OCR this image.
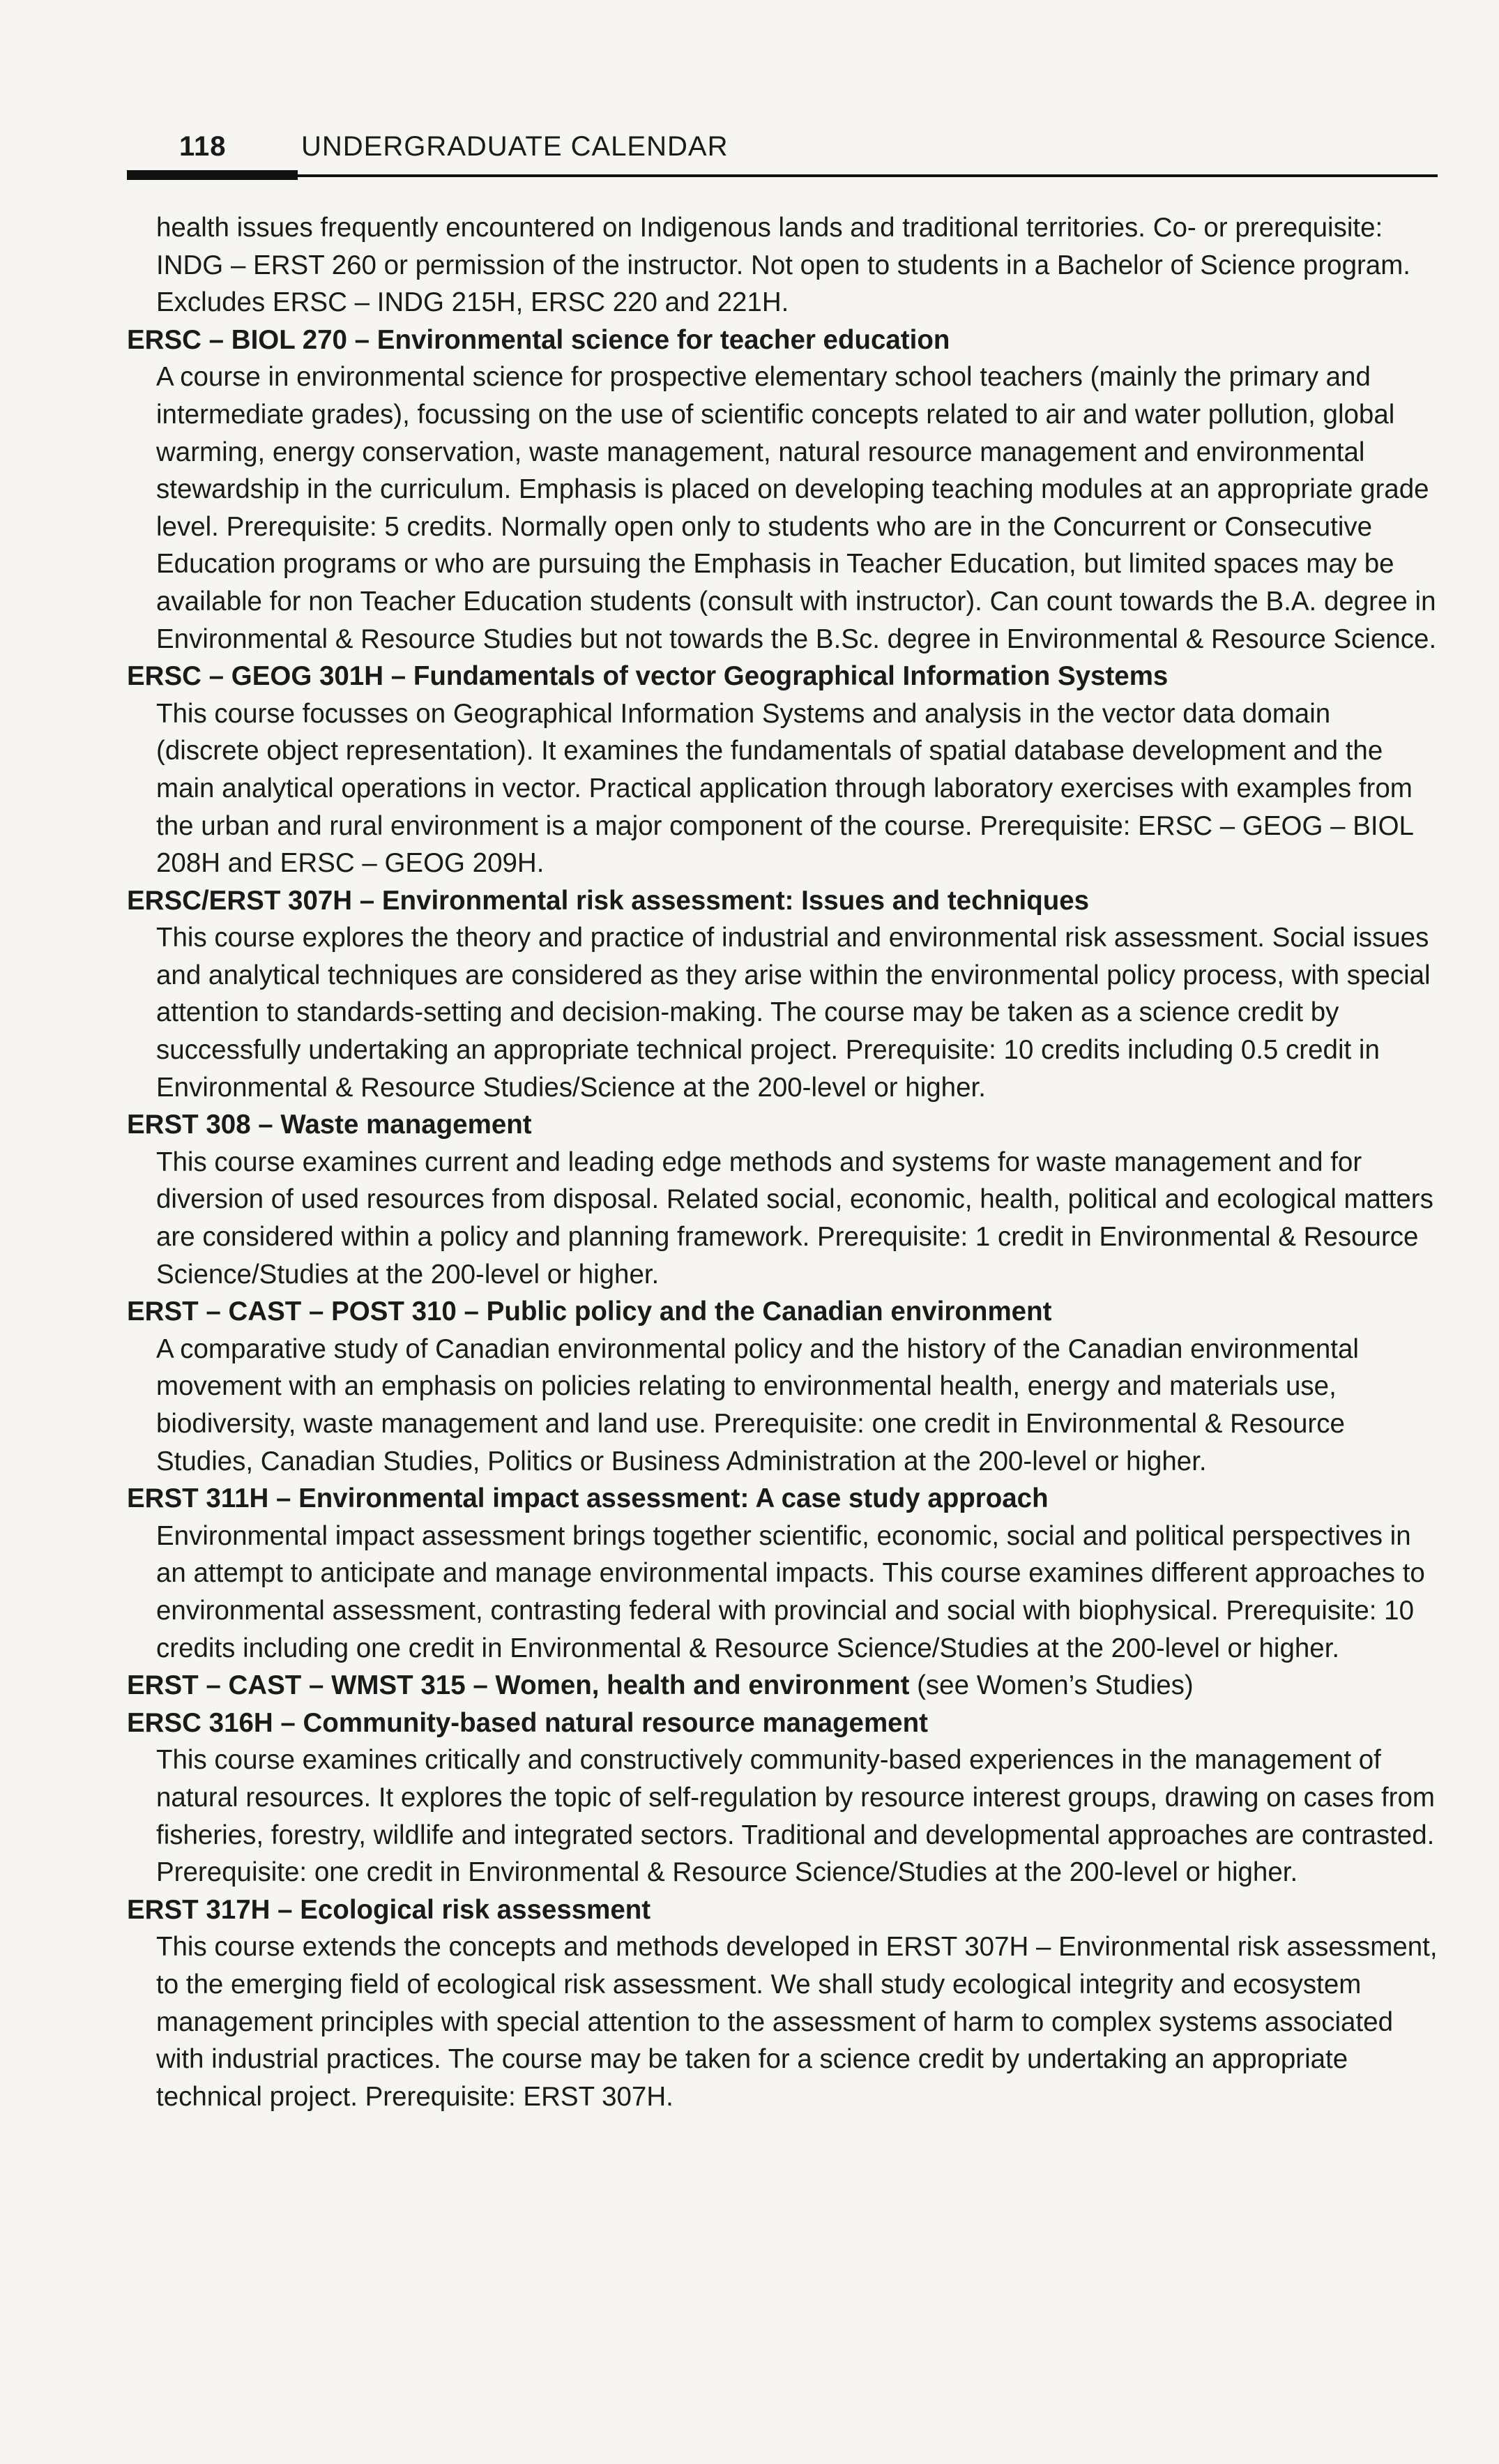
118	UNDERGRADUATE CALENDAR

health issues frequently encountered on Indigenous lands and traditional territories. Co- or prerequisite: INDG – ERST 260 or permission of the instructor. Not open to students in a Bachelor of Science program. Excludes ERSC – INDG 215H, ERSC 220 and 221H.

ERSC – BIOL 270 – Environmental science for teacher education

A course in environmental science for prospective elementary school teachers (mainly the primary and intermediate grades), focussing on the use of scientific concepts related to air and water pollution, global warming, energy conservation, waste management, natural resource management and environmental stewardship in the curriculum. Emphasis is placed on developing teaching modules at an appropriate grade level. Prerequisite: 5 credits. Normally open only to students who are in the Concurrent or Consecutive Education programs or who are pursuing the Emphasis in Teacher Education, but limited spaces may be available for non Teacher Education students (consult with instructor). Can count towards the B.A. degree in Environmental & Resource Studies but not towards the B.Sc. degree in Environmental & Resource Science.

ERSC – GEOG 301H – Fundamentals of vector Geographical Information Systems

This course focusses on Geographical Information Systems and analysis in the vector data domain (discrete object representation). It examines the fundamentals of spatial database development and the main analytical operations in vector. Practical application through laboratory exercises with examples from the urban and rural environment is a major component of the course. Prerequisite: ERSC – GEOG – BIOL 208H and ERSC – GEOG 209H.

ERSC/ERST 307H – Environmental risk assessment: Issues and techniques

This course explores the theory and practice of industrial and environmental risk assessment. Social issues and analytical techniques are considered as they arise within the environmental policy process, with special attention to standards-setting and decision-making. The course may be taken as a science credit by successfully undertaking an appropriate technical project. Prerequisite: 10 credits including 0.5 credit in Environmental & Resource Studies/Science at the 200-level or higher.

ERST 308 – Waste management

This course examines current and leading edge methods and systems for waste management and for diversion of used resources from disposal. Related social, economic, health, political and ecological matters are considered within a policy and planning framework. Prerequisite: 1 credit in Environmental & Resource Science/Studies at the 200-level or higher.

ERST – CAST – POST 310 – Public policy and the Canadian environment

A comparative study of Canadian environmental policy and the history of the Canadian environmental movement with an emphasis on policies relating to environmental health, energy and materials use, biodiversity, waste management and land use. Prerequisite: one credit in Environmental & Resource Studies, Canadian Studies, Politics or Business Administration at the 200-level or higher.

ERST 311H – Environmental impact assessment: A case study approach

Environmental impact assessment brings together scientific, economic, social and political perspectives in an attempt to anticipate and manage environmental impacts. This course examines different approaches to environmental assessment, contrasting federal with provincial and social with biophysical. Prerequisite: 10 credits including one credit in Environmental & Resource Science/Studies at the 200-level or higher.

ERST – CAST – WMST 315 – Women, health and environment (see Women’s Studies)

ERSC 316H – Community-based natural resource management

This course examines critically and constructively community-based experiences in the management of natural resources. It explores the topic of self-regulation by resource interest groups, drawing on cases from fisheries, forestry, wildlife and integrated sectors. Traditional and developmental approaches are contrasted. Prerequisite: one credit in Environmental & Resource Science/Studies at the 200-level or higher.

ERST 317H – Ecological risk assessment

This course extends the concepts and methods developed in ERST 307H – Environmental risk assessment, to the emerging field of ecological risk assessment. We shall study ecological integrity and ecosystem management principles with special attention to the assessment of harm to complex systems associated with industrial practices. The course may be taken for a science credit by undertaking an appropriate technical project. Prerequisite: ERST 307H.
